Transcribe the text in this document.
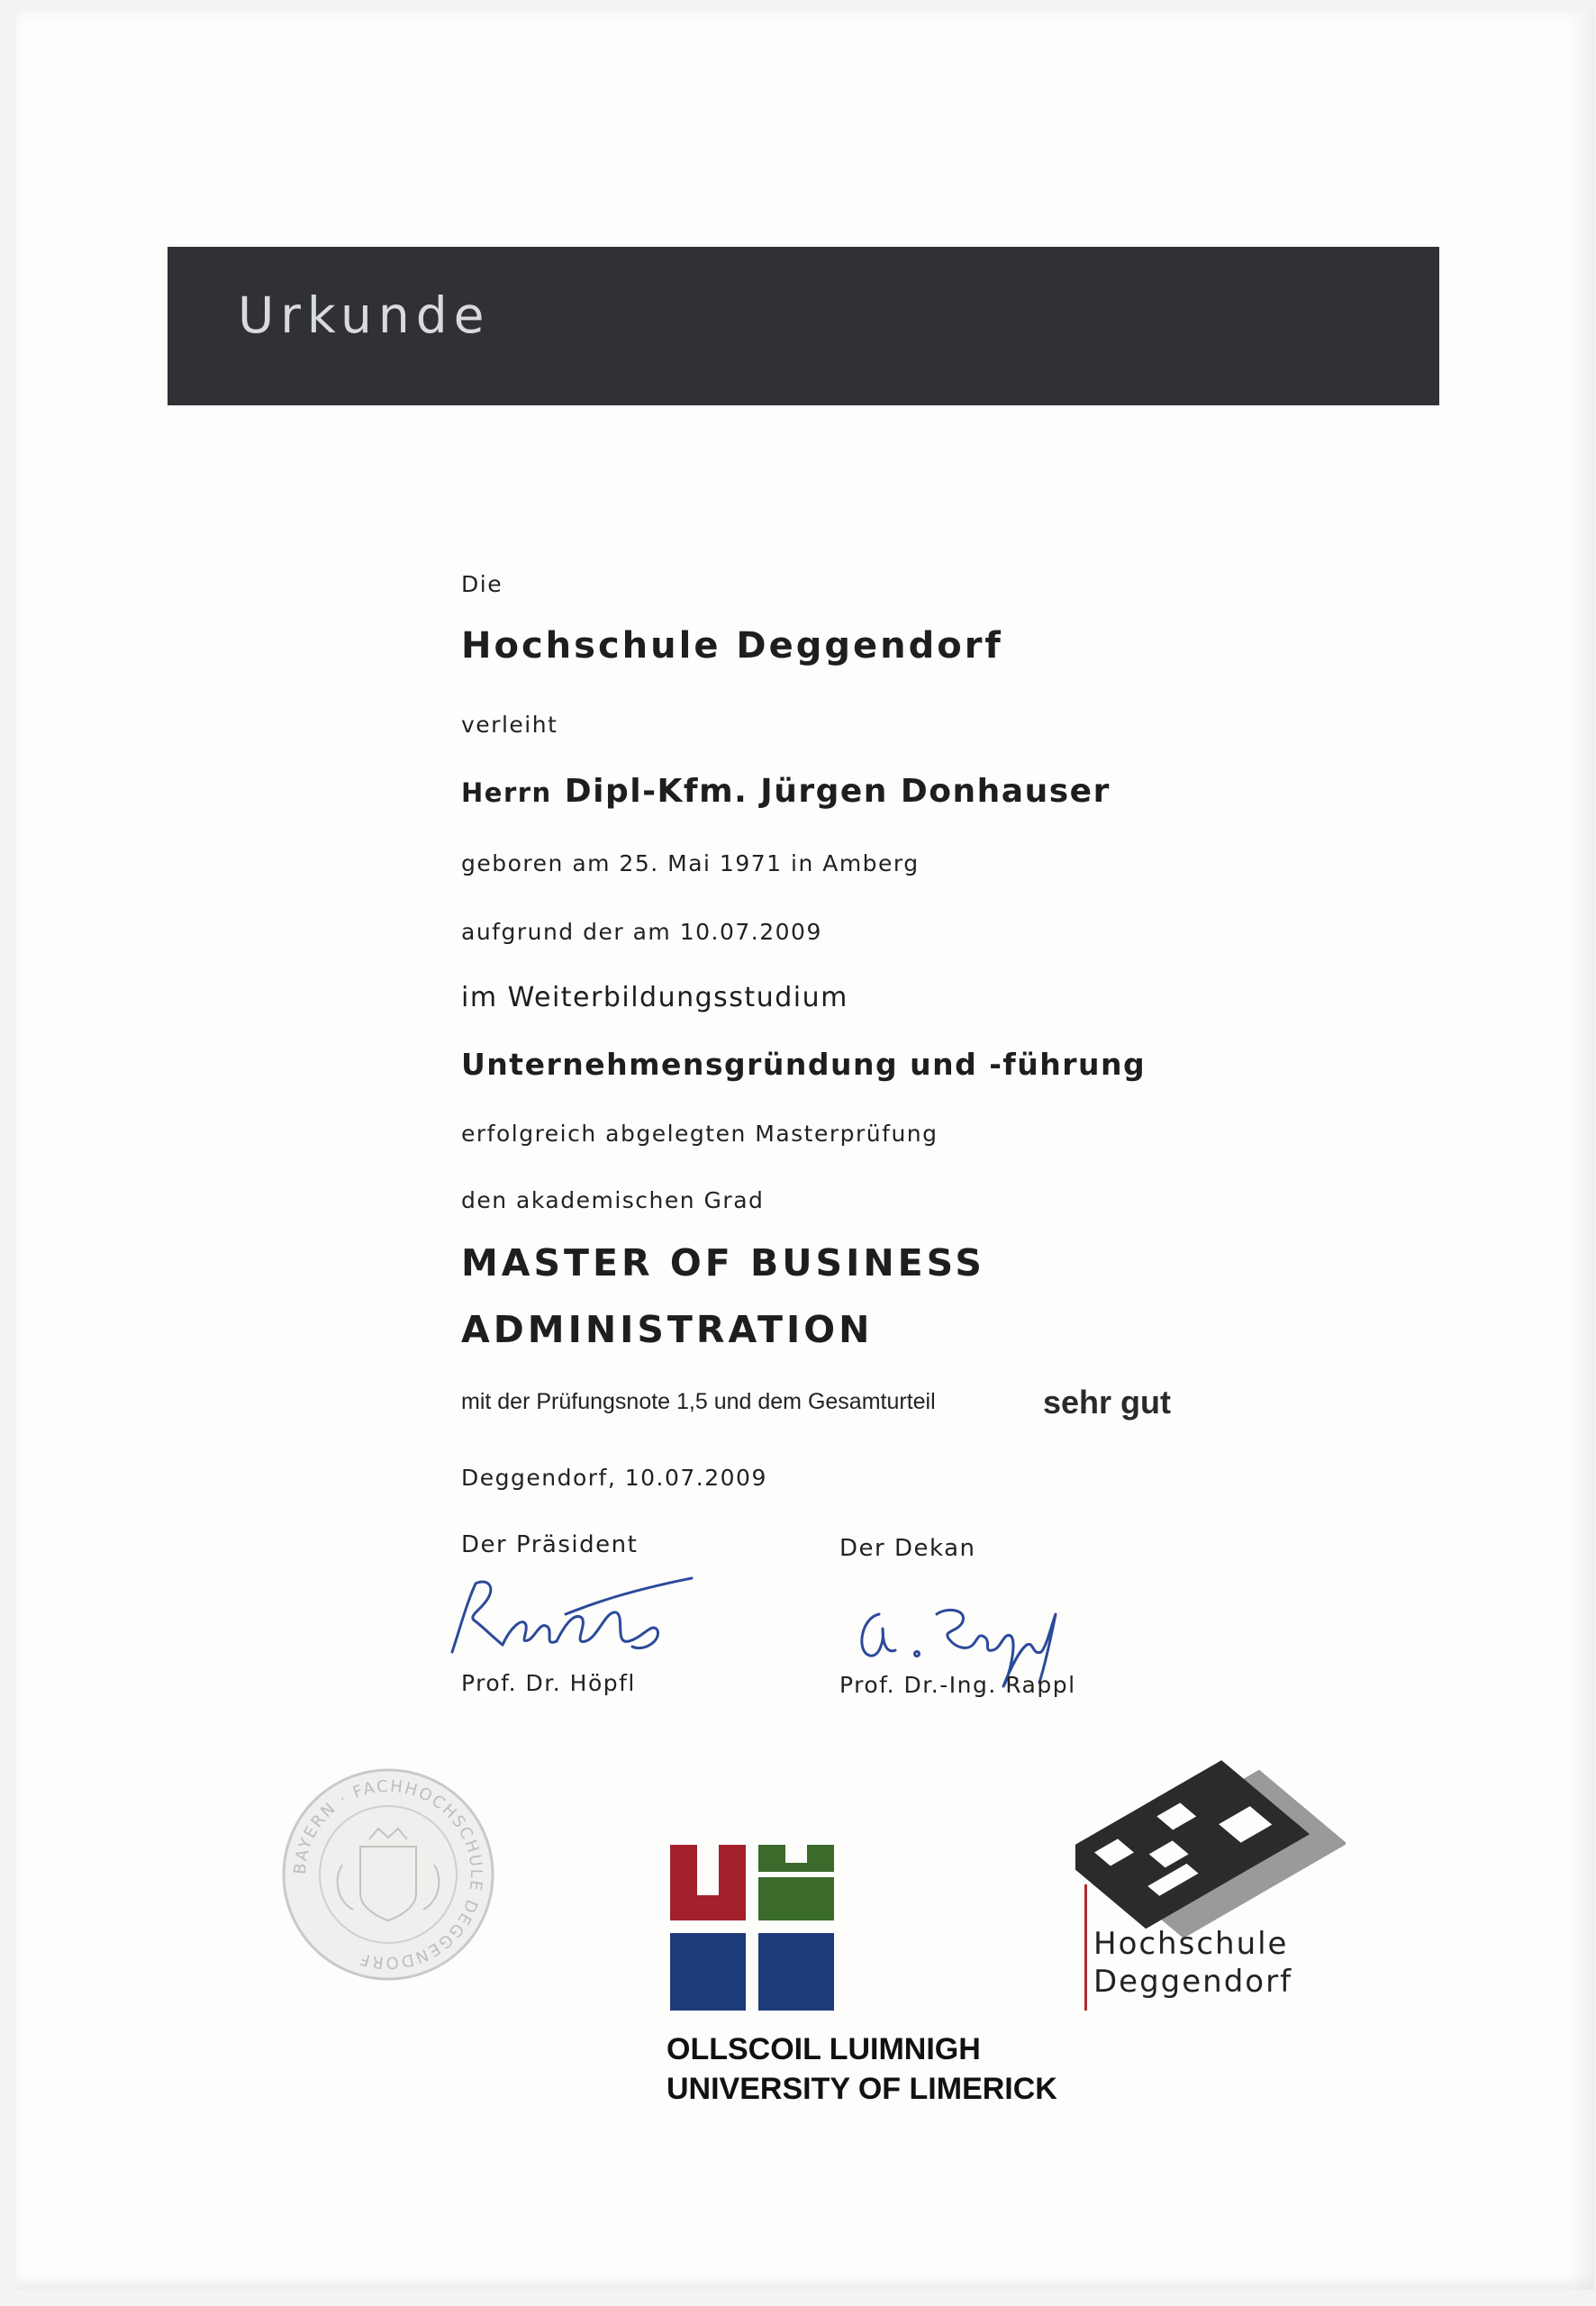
Urkunde
Die
Hochschule Deggendorf
verleiht
Herrn Dipl-Kfm. Jürgen Donhauser
geboren am 25. Mai 1971 in Amberg
aufgrund der am 10.07.2009
im Weiterbildungsstudium
Unternehmensgründung und -führung
erfolgreich abgelegten Masterprüfung
den akademischen Grad
MASTER OF BUSINESS
ADMINISTRATION
mit der Prüfungsnote 1,5 und dem Gesamturteil	sehr gut
Deggendorf, 10.07.2009
Der Präsident
Prof. Dr. Höpfl
Der Dekan
Prof. Dr.-Ing. Rappl
BAYERN · FACHHOCHSCHULE DEGGENDORF
OLLSCOIL LUIMNIGH
UNIVERSITY OF LIMERICK
Hochschule
Deggendorf
